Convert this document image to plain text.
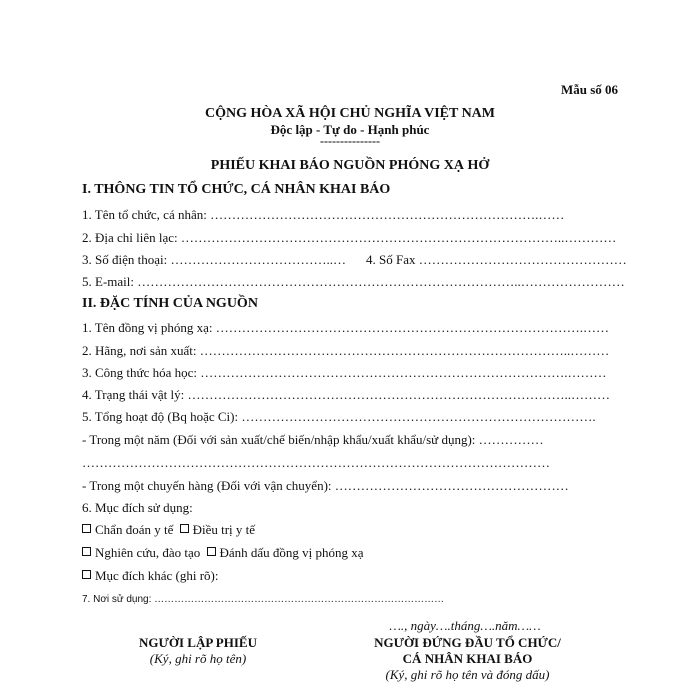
Mẫu số 06
CỘNG HÒA XÃ HỘI CHỦ NGHĨA VIỆT NAM
Độc lập - Tự do - Hạnh phúc
---------------
PHIẾU KHAI BÁO NGUỒN PHÓNG XẠ HỞ
I. THÔNG TIN TỔ CHỨC, CÁ NHÂN KHAI BÁO
1. Tên tổ chức, cá nhân: ………………………………………………………………….……
2. Địa chỉ liên lạc: ……………………………………………………………………………..…………
3. Số điện thoại: ………………………………..… 4. Số Fax …………………………………………
5. E-mail: ……………………………………………………………………………..……………………
II. ĐẶC TÍNH CỦA NGUỒN
1. Tên đồng vị phóng xạ: ………………………………………………………………………….……
2. Hãng, nơi sản xuất: …………………………………………………………………………..………
3. Công thức hóa học: ………………………………………………………………………….………
4. Trạng thái vật lý: ……………………………………………………………………………..………
5. Tổng hoạt độ (Bq hoặc Ci): ……………………………………………………………………….
- Trong một năm (Đối với sản xuất/chế biến/nhập khẩu/xuất khẩu/sử dụng): ……………
………………………………………………………………………………………………
- Trong một chuyến hàng (Đối với vận chuyển): ………………………………………………
6. Mục đích sử dụng:
Chẩn đoán y tế Điều trị y tế
Nghiên cứu, đào tạo Đánh dấu đồng vị phóng xạ
Mục đích khác (ghi rõ):
7. Nơi sử dụng: ……………………………………………………………………………
…., ngày….tháng….năm……
NGƯỜI LẬP PHIẾU
(Ký, ghi rõ họ tên)
NGƯỜI ĐỨNG ĐẦU TỔ CHỨC/
CÁ NHÂN KHAI BÁO
(Ký, ghi rõ họ tên và đóng dấu)
